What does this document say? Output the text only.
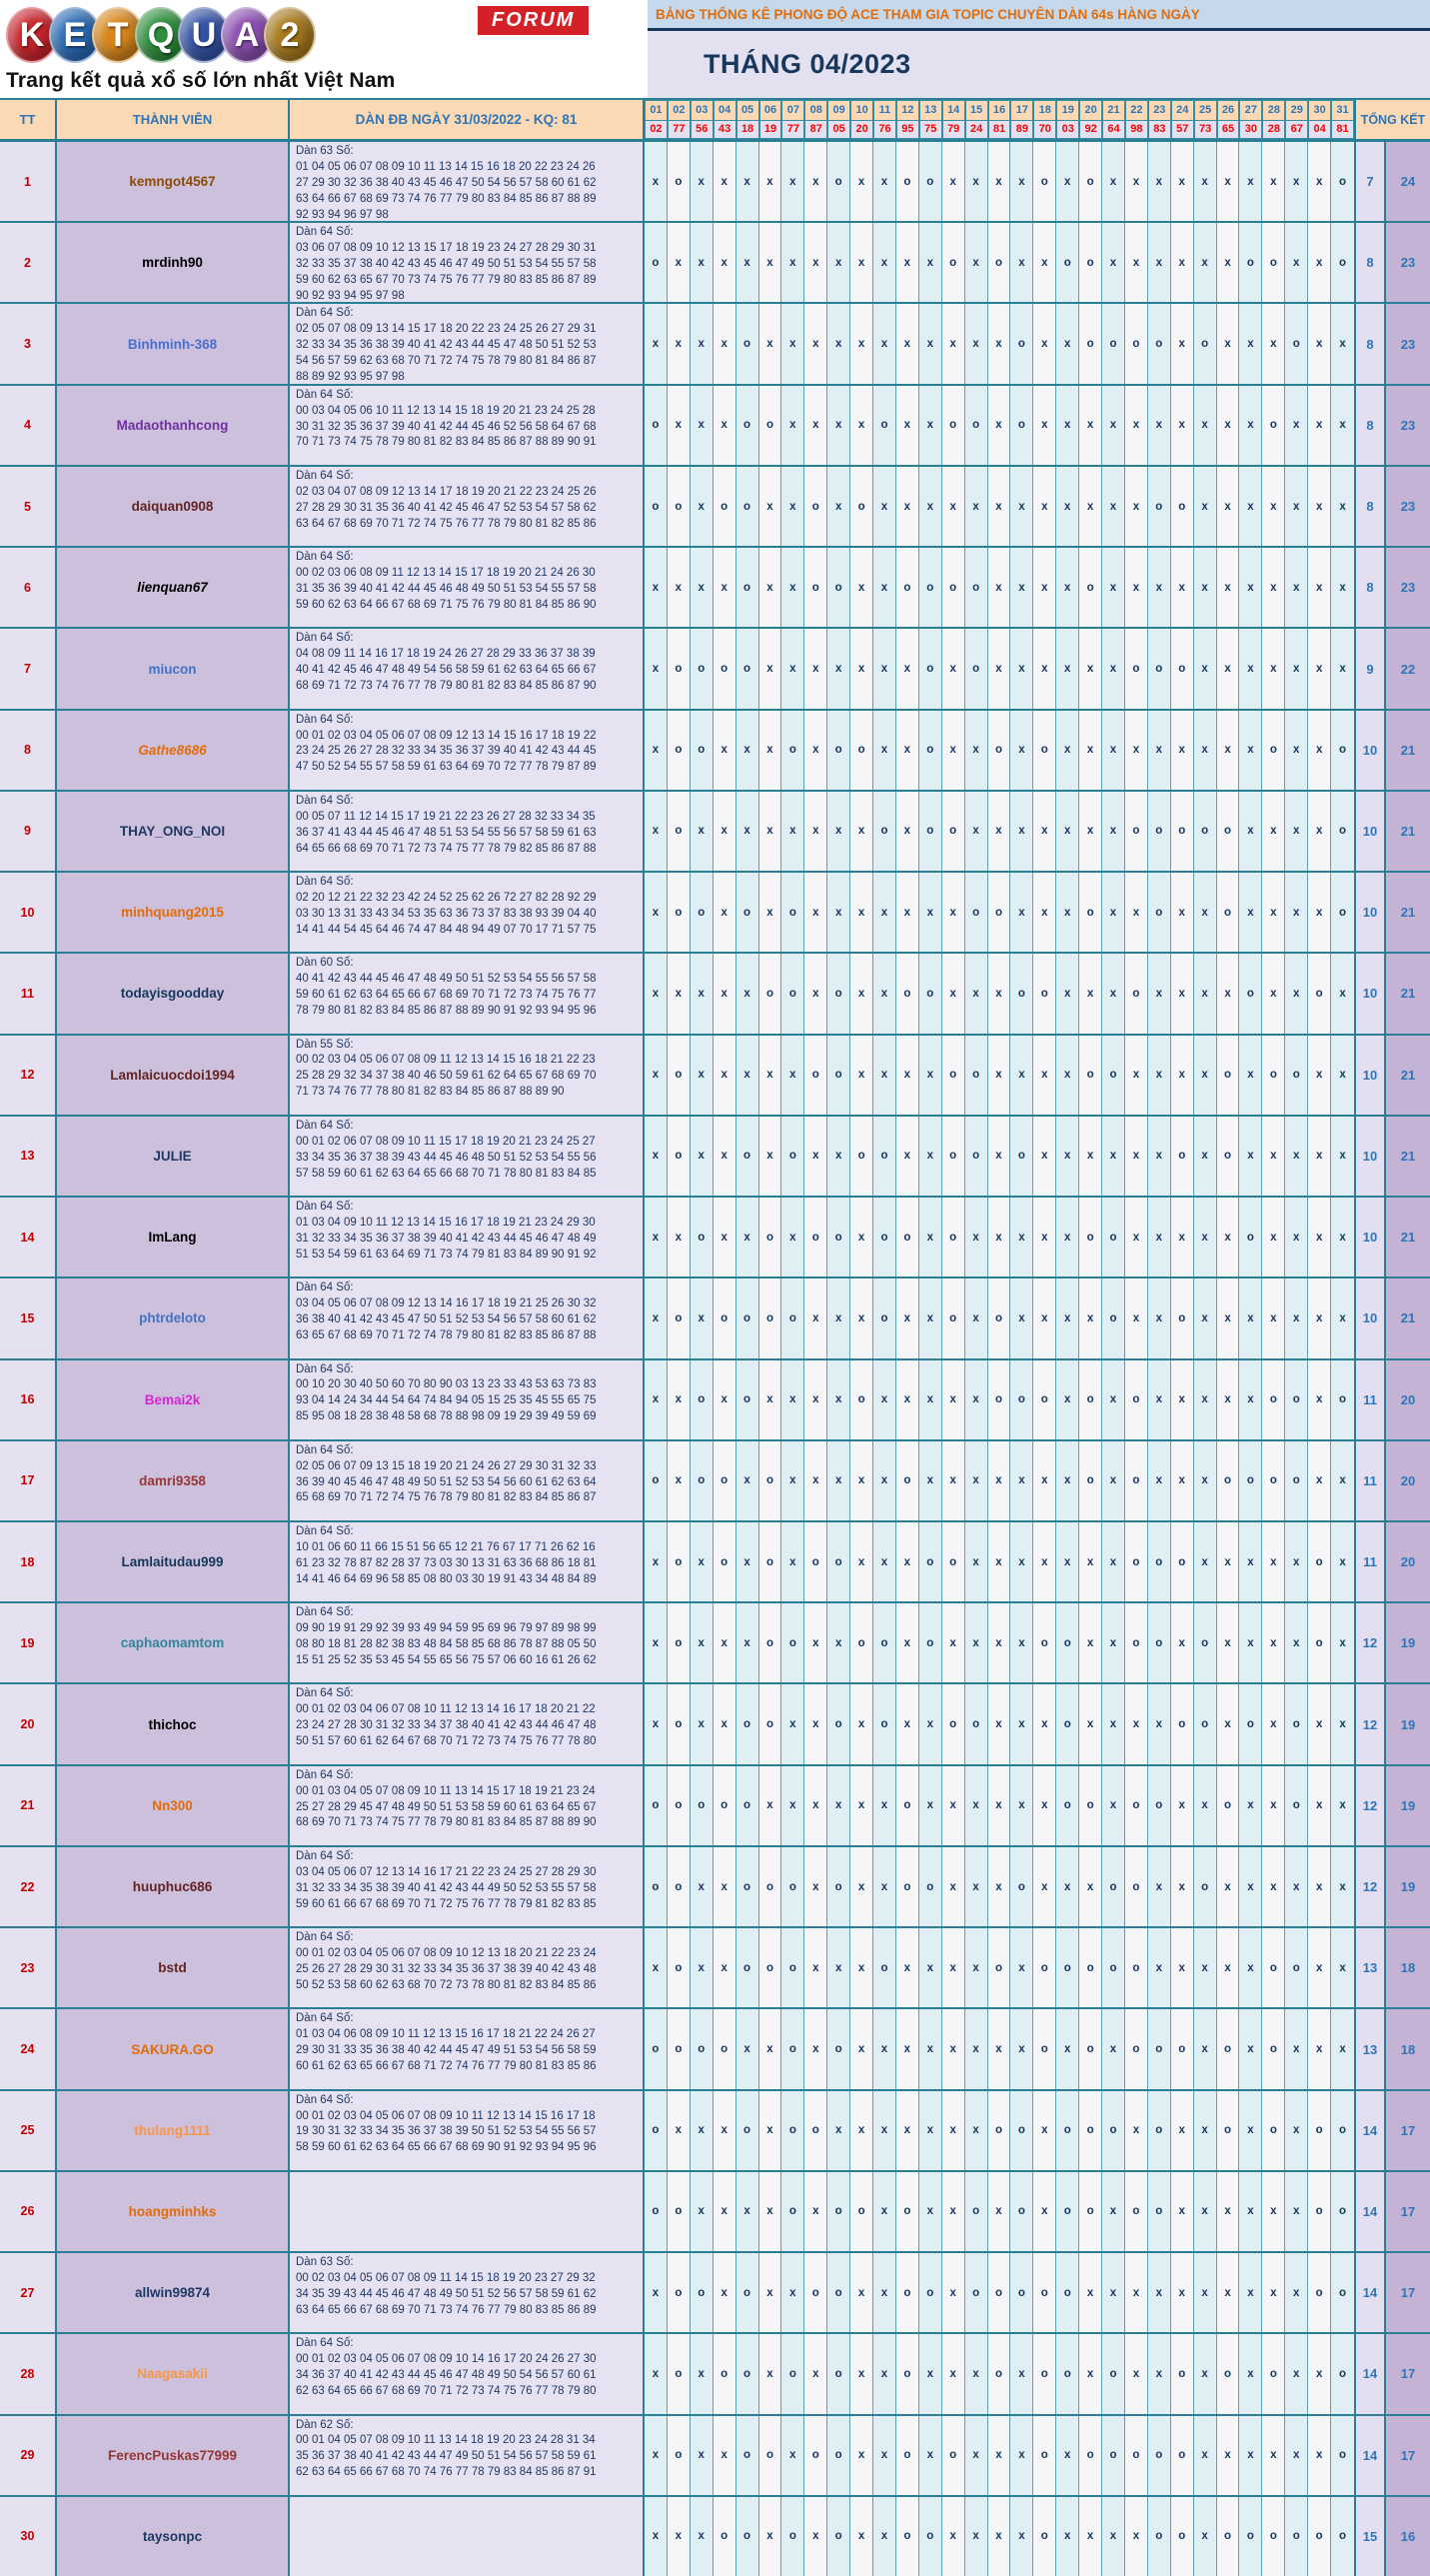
K E T Q U A 2	FORUM
Trang kết quả xổ số lớn nhất Việt Nam
BẢNG THỐNG KÊ PHONG ĐỘ ACE THAM GIA TOPIC CHUYÊN DÀN 64s HÀNG NGÀY
THÁNG 04/2023
TT	THÀNH VIÊN	DÀN ĐB NGÀY 31/03/2022 - KQ: 81
01 02 03 04 05 06 07 08 09 10 11 12 13 14 15 16 17 18 19 20 21 22 23 24 25 26 27 28 29 30 31
02 77 56 43 18 19 77 87 05 20 76 95 75 79 24 81 89 70 03 92 64 98 83 57 73 65 30 28 67 04 81
TỔNG KẾT
1	kemngot4567
Dàn 63 Số:
01 04 05 06 07 08 09 10 11 13 14 15 16 18 20 22 23 24 26
27 29 30 32 36 38 40 43 45 46 47 50 54 56 57 58 60 61 62
63 64 66 67 68 69 73 74 76 77 79 80 83 84 85 86 87 88 89
92 93 94 96 97 98
x	o	x	x	x	x	x	x	o	x	x	o	o	x	x	x	x	o	x	o	x	x	x	x	x	x	x	x	x	x	o	7	24
2	mrdinh90
Dàn 64 Số:
03 06 07 08 09 10 12 13 15 17 18 19 23 24 27 28 29 30 31
32 33 35 37 38 40 42 43 45 46 47 49 50 51 53 54 55 57 58
59 60 62 63 65 67 70 73 74 75 76 77 79 80 83 85 86 87 89
90 92 93 94 95 97 98
o	x	x	x	x	x	x	x	x	x	x	x	x	o	x	o	x	x	o	o	x	x	x	x	x	x	o	o	x	x	o	8	23
3	Binhminh-368
Dàn 64 Số:
02 05 07 08 09 13 14 15 17 18 20 22 23 24 25 26 27 29 31
32 33 34 35 36 38 39 40 41 42 43 44 45 47 48 50 51 52 53
54 56 57 59 62 63 68 70 71 72 74 75 78 79 80 81 84 86 87
88 89 92 93 95 97 98
x	x	x	x	o	x	x	x	x	x	x	x	x	x	x	x	o	x	x	o	o	o	o	x	o	x	x	x	o	x	x	8	23
4	Madaothanhcong
Dàn 64 Số:
00 03 04 05 06 10 11 12 13 14 15 18 19 20 21 23 24 25 28
30 31 32 35 36 37 39 40 41 42 44 45 46 52 56 58 64 67 68
70 71 73 74 75 78 79 80 81 82 83 84 85 86 87 88 89 90 91
o	x	x	x	o	o	x	x	x	x	o	x	x	o	o	x	o	x	x	x	x	x	x	x	x	x	x	o	x	x	x	8	23
5	daiquan0908
Dàn 64 Số:
02 03 04 07 08 09 12 13 14 17 18 19 20 21 22 23 24 25 26
27 28 29 30 31 35 36 40 41 42 45 46 47 52 53 54 57 58 62
63 64 67 68 69 70 71 72 74 75 76 77 78 79 80 81 82 85 86
o	o	x	o	o	x	x	o	x	o	x	x	x	x	x	x	x	x	x	x	x	x	o	o	x	x	x	x	x	x	x	8	23
6	lienquan67
Dàn 64 Số:
00 02 03 06 08 09 11 12 13 14 15 17 18 19 20 21 24 26 30
31 35 36 39 40 41 42 44 45 46 48 49 50 51 53 54 55 57 58
59 60 62 63 64 66 67 68 69 71 75 76 79 80 81 84 85 86 90
x	x	x	x	o	x	x	o	o	x	x	o	o	o	o	x	x	x	x	o	x	x	x	x	x	x	x	x	x	x	x	8	23
7	miucon
Dàn 64 Số:
04 08 09 11 14 16 17 18 19 24 26 27 28 29 33 36 37 38 39
40 41 42 45 46 47 48 49 54 56 58 59 61 62 63 64 65 66 67
68 69 71 72 73 74 76 77 78 79 80 81 82 83 84 85 86 87 90
x	o	o	o	o	x	x	x	x	x	x	x	o	x	o	x	x	x	x	x	x	o	o	o	x	x	x	x	x	x	x	9	22
8	Gathe8686
Dàn 64 Số:
00 01 02 03 04 05 06 07 08 09 12 13 14 15 16 17 18 19 22
23 24 25 26 27 28 32 33 34 35 36 37 39 40 41 42 43 44 45
47 50 52 54 55 57 58 59 61 63 64 69 70 72 77 78 79 87 89
x	o	o	x	x	x	o	x	o	o	x	x	o	x	x	o	x	o	x	x	x	x	x	x	x	x	x	o	x	x	o	10	21
9	THAY_ONG_NOI
Dàn 64 Số:
00 05 07 11 12 14 15 17 19 21 22 23 26 27 28 32 33 34 35
36 37 41 43 44 45 46 47 48 51 53 54 55 56 57 58 59 61 63
64 65 66 68 69 70 71 72 73 74 75 77 78 79 82 85 86 87 88
x	o	x	x	x	x	x	x	x	x	o	x	o	o	x	x	x	x	x	x	x	o	o	o	o	o	x	x	x	x	o	10	21
10	minhquang2015
Dàn 64 Số:
02 20 12 21 22 32 23 42 24 52 25 62 26 72 27 82 28 92 29
03 30 13 31 33 43 34 53 35 63 36 73 37 83 38 93 39 04 40
14 41 44 54 45 64 46 74 47 84 48 94 49 07 70 17 71 57 75
x	o	o	x	o	x	o	x	x	x	x	x	x	x	o	o	x	x	x	o	x	x	o	x	x	o	x	x	x	x	o	10	21
11	todayisgoodday
Dàn 60 Số:
40 41 42 43 44 45 46 47 48 49 50 51 52 53 54 55 56 57 58
59 60 61 62 63 64 65 66 67 68 69 70 71 72 73 74 75 76 77
78 79 80 81 82 83 84 85 86 87 88 89 90 91 92 93 94 95 96
x	x	x	x	x	o	o	x	o	x	x	o	o	x	x	x	o	o	x	x	x	o	x	x	x	x	o	x	x	o	x	10	21
12	Lamlaicuocdoi1994
Dàn 55 Số:
00 02 03 04 05 06 07 08 09 11 12 13 14 15 16 18 21 22 23
25 28 29 32 34 37 38 40 46 50 59 61 62 64 65 67 68 69 70
71 73 74 76 77 78 80 81 82 83 84 85 86 87 88 89 90
x	o	x	x	x	x	x	o	o	x	x	x	x	o	o	x	x	x	x	o	o	x	x	x	x	o	x	o	o	x	x	10	21
13	JULIE
Dàn 64 Số:
00 01 02 06 07 08 09 10 11 15 17 18 19 20 21 23 24 25 27
33 34 35 36 37 38 39 43 44 45 46 48 50 51 52 53 54 55 56
57 58 59 60 61 62 63 64 65 66 68 70 71 78 80 81 83 84 85
x	o	x	x	o	x	o	x	x	o	o	x	x	o	o	x	o	x	x	x	x	x	x	o	x	o	x	x	x	x	x	10	21
14	ImLang
Dàn 64 Số:
01 03 04 09 10 11 12 13 14 15 16 17 18 19 21 23 24 29 30
31 32 33 34 35 36 37 38 39 40 41 42 43 44 45 46 47 48 49
51 53 54 59 61 63 64 69 71 73 74 79 81 83 84 89 90 91 92
x	x	o	x	x	o	x	o	o	x	o	o	x	o	x	x	x	x	x	o	o	x	x	x	x	x	o	x	x	x	x	10	21
15	phtrdeloto
Dàn 64 Số:
03 04 05 06 07 08 09 12 13 14 16 17 18 19 21 25 26 30 32
36 38 40 41 42 43 45 47 50 51 52 53 54 56 57 58 60 61 62
63 65 67 68 69 70 71 72 74 78 79 80 81 82 83 85 86 87 88
x	o	x	o	o	o	o	x	x	x	o	x	x	o	x	o	x	x	x	x	o	x	x	o	x	x	x	x	x	x	x	10	21
16	Bemai2k
Dàn 64 Số:
00 10 20 30 40 50 60 70 80 90 03 13 23 33 43 53 63 73 83
93 04 14 24 34 44 54 64 74 84 94 05 15 25 35 45 55 65 75
85 95 08 18 28 38 48 58 68 78 88 98 09 19 29 39 49 59 69
x	x	o	x	o	x	x	x	x	o	x	x	x	x	x	o	o	o	x	o	x	o	x	x	x	x	x	o	o	x	o	11	20
17	damri9358
Dàn 64 Số:
02 05 06 07 09 13 15 18 19 20 21 24 26 27 29 30 31 32 33
36 39 40 45 46 47 48 49 50 51 52 53 54 56 60 61 62 63 64
65 68 69 70 71 72 74 75 76 78 79 80 81 82 83 84 85 86 87
o	x	o	o	x	o	x	x	x	x	x	o	x	x	x	x	x	x	x	o	x	o	x	x	x	o	o	o	o	x	x	11	20
18	Lamlaitudau999
Dàn 64 Số:
10 01 06 60 11 66 15 51 56 65 12 21 76 67 17 71 26 62 16
61 23 32 78 87 82 28 37 73 03 30 13 31 63 36 68 86 18 81
14 41 46 64 69 96 58 85 08 80 03 30 19 91 43 34 48 84 89
x	o	x	o	x	o	x	o	o	x	x	x	o	o	x	x	x	x	x	x	x	o	o	o	x	x	x	x	x	o	x	11	20
19	caphaomamtom
Dàn 64 Số:
09 90 19 91 29 92 39 93 49 94 59 95 69 96 79 97 89 98 99
08 80 18 81 28 82 38 83 48 84 58 85 68 86 78 87 88 05 50
15 51 25 52 35 53 45 54 55 65 56 75 57 06 60 16 61 26 62
x	o	x	x	x	o	o	x	x	o	o	x	o	x	x	x	x	o	o	x	x	o	o	x	o	x	x	x	x	o	x	12	19
20	thichoc
Dàn 64 Số:
00 01 02 03 04 06 07 08 10 11 12 13 14 16 17 18 20 21 22
23 24 27 28 30 31 32 33 34 37 38 40 41 42 43 44 46 47 48
50 51 57 60 61 62 64 67 68 70 71 72 73 74 75 76 77 78 80
x	o	x	x	o	o	x	x	o	x	o	x	x	o	o	x	x	x	o	x	x	x	x	o	o	x	o	x	o	x	x	12	19
21	Nn300
Dàn 64 Số:
00 01 03 04 05 07 08 09 10 11 13 14 15 17 18 19 21 23 24
25 27 28 29 45 47 48 49 50 51 53 58 59 60 61 63 64 65 67
68 69 70 71 73 74 75 77 78 79 80 81 83 84 85 87 88 89 90
o	o	o	o	o	x	x	x	x	x	x	o	x	x	x	x	x	x	o	o	x	o	o	x	x	o	x	x	o	x	x	12	19
22	huuphuc686
Dàn 64 Số:
03 04 05 06 07 12 13 14 16 17 21 22 23 24 25 27 28 29 30
31 32 33 34 35 38 39 40 41 42 43 44 49 50 52 53 55 57 58
59 60 61 66 67 68 69 70 71 72 75 76 77 78 79 81 82 83 85
o	o	x	x	o	o	o	x	o	x	x	o	o	x	x	x	o	x	x	x	o	o	x	x	o	x	x	x	x	x	x	12	19
23	bstd
Dàn 64 Số:
00 01 02 03 04 05 06 07 08 09 10 12 13 18 20 21 22 23 24
25 26 27 28 29 30 31 32 33 34 35 36 37 38 39 40 42 43 48
50 52 53 58 60 62 63 68 70 72 73 78 80 81 82 83 84 85 86
x	o	x	x	o	o	o	x	x	x	o	x	x	x	x	o	x	o	o	o	o	o	x	x	x	x	x	o	o	x	x	13	18
24	SAKURA.GO
Dàn 64 Số:
01 03 04 06 08 09 10 11 12 13 15 16 17 18 21 22 24 26 27
29 30 31 33 35 36 38 40 42 44 45 47 49 51 53 54 56 58 59
60 61 62 63 65 66 67 68 71 72 74 76 77 79 80 81 83 85 86
o	o	o	o	x	x	o	x	o	x	x	x	x	x	x	x	x	o	x	o	x	o	o	o	x	o	x	o	x	x	x	13	18
25	thulang1111
Dàn 64 Số:
00 01 02 03 04 05 06 07 08 09 10 11 12 13 14 15 16 17 18
19 30 31 32 33 34 35 36 37 38 39 50 51 52 53 54 55 56 57
58 59 60 61 62 63 64 65 66 67 68 69 90 91 92 93 94 95 96
o	x	x	x	o	x	o	o	x	x	x	x	x	x	x	o	o	x	o	o	o	x	o	x	x	o	x	o	x	o	o	14	17
26	hoangminhks	o	o	x	x	x	x	o	x	o	o	x	o	x	x	o	x	o	x	o	o	x	o	o	x	x	x	x	x	x	o	o	14	17
27	allwin99874
Dàn 63 Số:
00 02 03 04 05 06 07 08 09 11 14 15 18 19 20 23 27 29 32
34 35 39 43 44 45 46 47 48 49 50 51 52 56 57 58 59 61 62
63 64 65 66 67 68 69 70 71 73 74 76 77 79 80 83 85 86 89
x	o	o	x	o	x	x	o	o	x	x	o	o	x	o	o	o	o	o	x	x	x	x	x	x	x	x	x	x	o	o	14	17
28	Naagasakii
Dàn 64 Số:
00 01 02 03 04 05 06 07 08 09 10 14 16 17 20 24 26 27 30
34 36 37 40 41 42 43 44 45 46 47 48 49 50 54 56 57 60 61
62 63 64 65 66 67 68 69 70 71 72 73 74 75 76 77 78 79 80
x	o	x	o	o	x	o	x	o	x	x	o	x	x	x	o	x	o	o	x	o	x	x	o	x	o	x	o	x	x	o	14	17
29	FerencPuskas77999
Dàn 62 Số:
00 01 04 05 07 08 09 10 11 13 14 18 19 20 23 24 28 31 34
35 36 37 38 40 41 42 43 44 47 49 50 51 54 56 57 58 59 61
62 63 64 65 66 67 68 70 74 76 77 78 79 83 84 85 86 87 91
x	o	x	x	o	o	x	o	o	x	x	o	x	o	x	x	x	o	x	o	o	o	o	o	x	x	x	x	x	x	o	14	17
30	taysonpc	x	x	x	o	o	x	o	x	o	x	x	o	o	x	x	x	x	o	x	x	x	x	o	o	x	o	o	o	o	o	o	15	16
